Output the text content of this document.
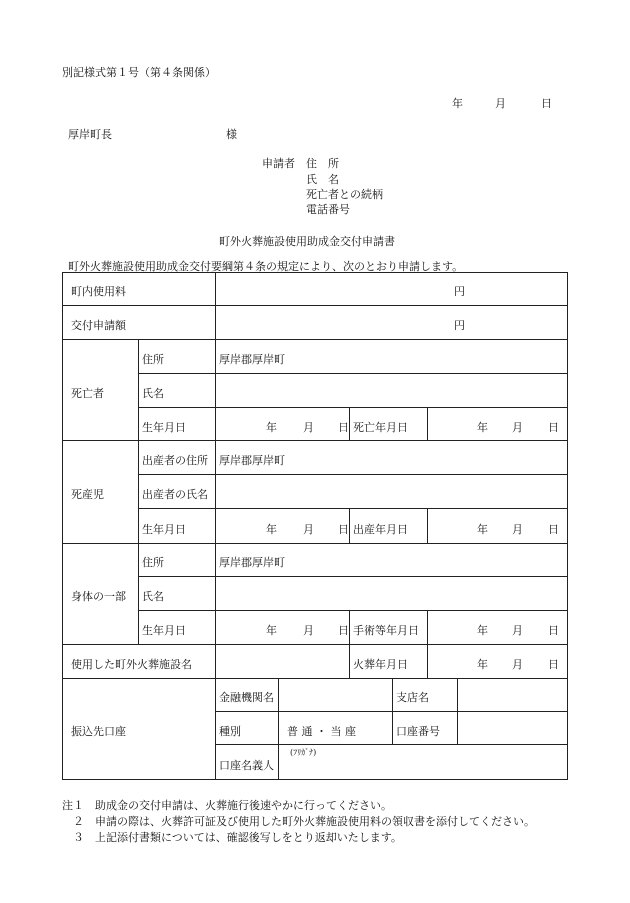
別記様式第１号（第４条関係）
年	月	日
厚岸町長	様
申請者 住　所
氏　名
死亡者との続柄
電話番号
町外火葬施設使用助成金交付申請書
町外火葬施設使用助成金交付要綱第４条の規定により、次のとおり申請します。
町内使用料	円
交付申請額	円
死亡者
住所	厚岸郡厚岸町
氏名
生年月日	年 月 日 死亡年月日	年 月 日
死産児
出産者の住所 厚岸郡厚岸町
出産者の氏名
生年月日	年 月 日 出産年月日	年 月 日
身体の一部
住所	厚岸郡厚岸町
氏名
生年月日	年 月 日 手術等年月日	年 月 日
使用した町外火葬施設名	火葬年月日	年 月 日
振込先口座
金融機関名	支店名
種別	普 通 ・ 当 座	口座番号
口座名義人
(ﾌﾘｶﾞﾅ)
注１　助成金の交付申請は、火葬施行後速やかに行ってください。
　２　申請の際は、火葬許可証及び使用した町外火葬施設使用料の領収書を添付してください。
　３　上記添付書類については、確認後写しをとり返却いたします。
